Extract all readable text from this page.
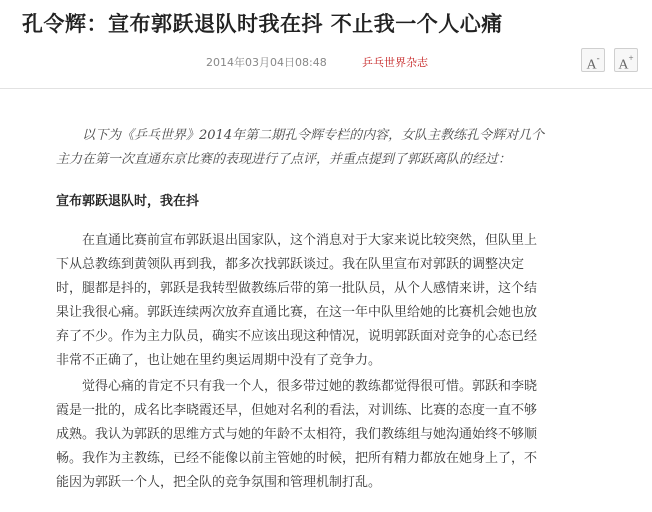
孔令辉：宣布郭跃退队时我在抖 不止我一个人心痛
2014年03月04日08:48	乒乓世界杂志	A-	A+

以下为《乒乓世界》2014年第二期孔令辉专栏的内容，女队主教练孔令辉对几个主力在第一次直通东京比赛的表现进行了点评，并重点提到了郭跃离队的经过：

宣布郭跃退队时，我在抖

在直通比赛前宣布郭跃退出国家队，这个消息对于大家来说比较突然，但队里上下从总教练到黄领队再到我，都多次找郭跃谈过。我在队里宣布对郭跃的调整决定时，腿都是抖的，郭跃是我转型做教练后带的第一批队员，从个人感情来讲，这个结果让我很心痛。郭跃连续两次放弃直通比赛，在这一年中队里给她的比赛机会她也放弃了不少。作为主力队员，确实不应该出现这种情况，说明郭跃面对竞争的心态已经非常不正确了，也让她在里约奥运周期中没有了竞争力。

觉得心痛的肯定不只有我一个人，很多带过她的教练都觉得很可惜。郭跃和李晓霞是一批的，成名比李晓霞还早，但她对名利的看法，对训练、比赛的态度一直不够成熟。我认为郭跃的思维方式与她的年龄不太相符，我们教练组与她沟通始终不够顺畅。我作为主教练，已经不能像以前主管她的时候，把所有精力都放在她身上了，不能因为郭跃一个人，把全队的竞争氛围和管理机制打乱。
